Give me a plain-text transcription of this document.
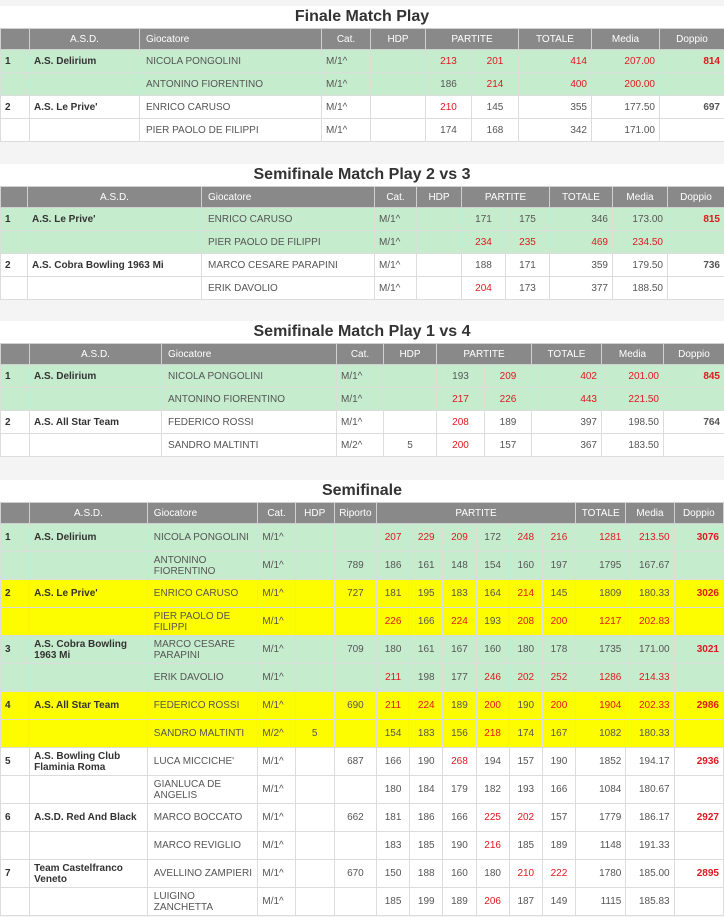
Finale Match Play
	A.S.D.	Giocatore	Cat.	HDP	PARTITE		TOTALE	Media	Doppio
1	A.S. Delirium	NICOLA PONGOLINI	M/1^		213	201	414	207.00	814
		ANTONINO FIORENTINO	M/1^		186	214	400	200.00	
2	A.S. Le Prive'	ENRICO CARUSO	M/1^		210	145	355	177.50	697
		PIER PAOLO DE FILIPPI	M/1^		174	168	342	171.00	
Semifinale Match Play 2 vs 3
	A.S.D.	Giocatore	Cat.	HDP	PARTITE		TOTALE	Media	Doppio
1	A.S. Le Prive'	ENRICO CARUSO	M/1^		171	175	346	173.00	815
		PIER PAOLO DE FILIPPI	M/1^		234	235	469	234.50	
2	A.S. Cobra Bowling 1963 Mi	MARCO CESARE PARAPINI	M/1^		188	171	359	179.50	736
		ERIK DAVOLIO	M/1^		204	173	377	188.50	
Semifinale Match Play 1 vs 4
	A.S.D.	Giocatore	Cat.	HDP	PARTITE		TOTALE	Media	Doppio
1	A.S. Delirium	NICOLA PONGOLINI	M/1^		193	209	402	201.00	845
		ANTONINO FIORENTINO	M/1^		217	226	443	221.50	
2	A.S. All Star Team	FEDERICO ROSSI	M/1^		208	189	397	198.50	764
		SANDRO MALTINTI	M/2^	5	200	157	367	183.50	
Semifinale
	A.S.D.	Giocatore	Cat.	HDP	Riporto	PARTITE						TOTALE	Media	Doppio
1	A.S. Delirium	NICOLA PONGOLINI	M/1^			207	229	209	172	248	216	1281	213.50	3076
		ANTONINO FIORENTINO	M/1^		789	186	161	148	154	160	197	1795	167.67	
2	A.S. Le Prive'	ENRICO CARUSO	M/1^		727	181	195	183	164	214	145	1809	180.33	3026
		PIER PAOLO DE FILIPPI	M/1^			226	166	224	193	208	200	1217	202.83	
3	A.S. Cobra Bowling 1963 Mi	MARCO CESARE PARAPINI	M/1^		709	180	161	167	160	180	178	1735	171.00	3021
		ERIK DAVOLIO	M/1^			211	198	177	246	202	252	1286	214.33	
4	A.S. All Star Team	FEDERICO ROSSI	M/1^		690	211	224	189	200	190	200	1904	202.33	2986
		SANDRO MALTINTI	M/2^	5		154	183	156	218	174	167	1082	180.33	
5	A.S. Bowling Club Flaminia Roma	LUCA MICCICHE'	M/1^		687	166	190	268	194	157	190	1852	194.17	2936
		GIANLUCA DE ANGELIS	M/1^			180	184	179	182	193	166	1084	180.67	
6	A.S.D. Red And Black	MARCO BOCCATO	M/1^		662	181	186	166	225	202	157	1779	186.17	2927
		MARCO REVIGLIO	M/1^			183	185	190	216	185	189	1148	191.33	
7	Team Castelfranco Veneto	AVELLINO ZAMPIERI	M/1^		670	150	188	160	180	210	222	1780	185.00	2895
		LUIGINO ZANCHETTA	M/1^			185	199	189	206	187	149	1115	185.83	
